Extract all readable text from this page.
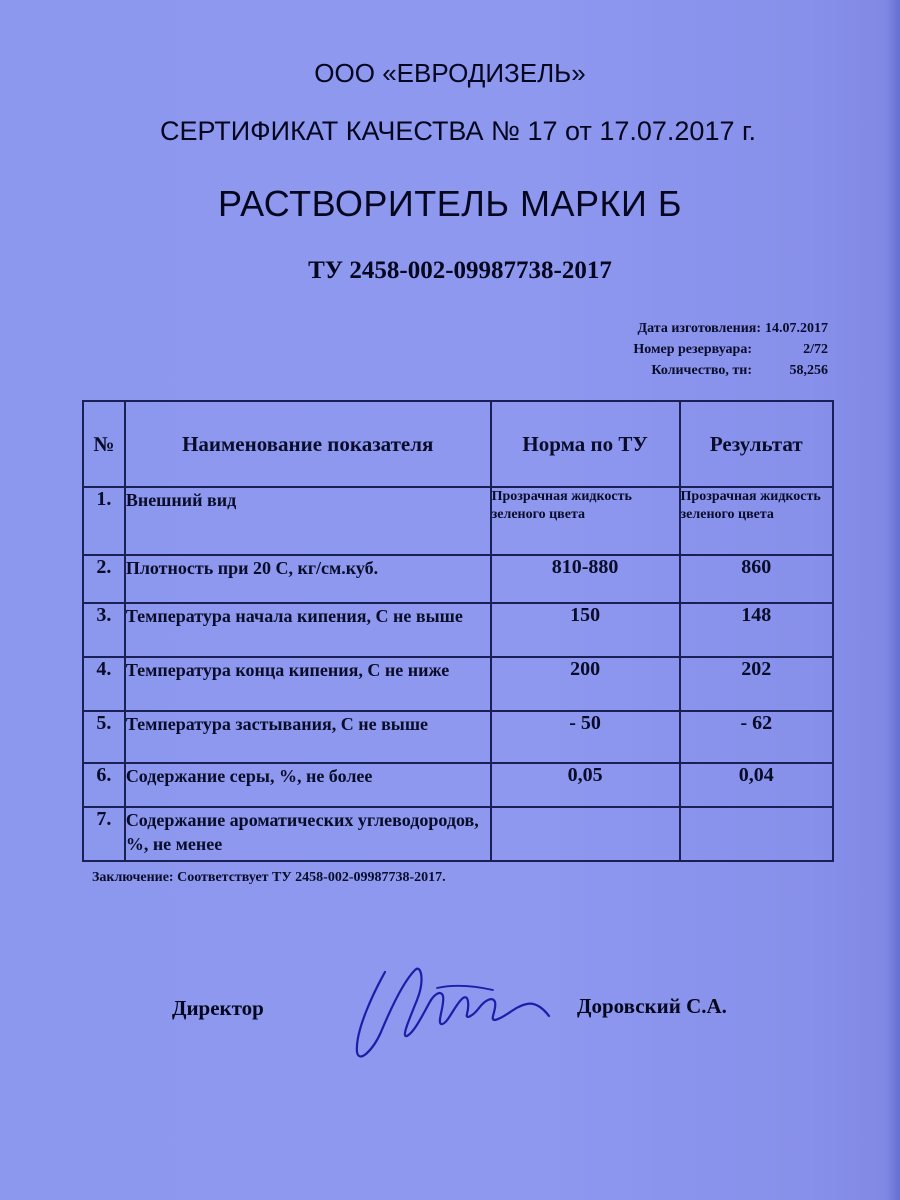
ООО «ЕВРОДИЗЕЛЬ»
СЕРТИФИКАТ КАЧЕСТВА № 17 от 17.07.2017 г.
РАСТВОРИТЕЛЬ МАРКИ Б
ТУ 2458-002-09987738-2017
Дата изготовления: 14.07.2017
Номер резервуара:	2/72
Количество, тн:	58,256
№	Наименование показателя	Норма по ТУ	Результат
1.	Внешний вид	Прозрачная жидкость зеленого цвета	Прозрачная жидкость зеленого цвета
2.	Плотность при 20 С, кг/см.куб.	810-880	860
3.	Температура начала кипения, С не выше	150	148
4.	Температура конца кипения, С не ниже	200	202
5.	Температура застывания, С не выше	- 50	- 62
6.	Содержание серы, %, не более	0,05	0,04
7.	Содержание ароматических углеводородов, %, не менее		
Заключение: Соответствует ТУ 2458-002-09987738-2017.
Директор	Доровский С.А.
